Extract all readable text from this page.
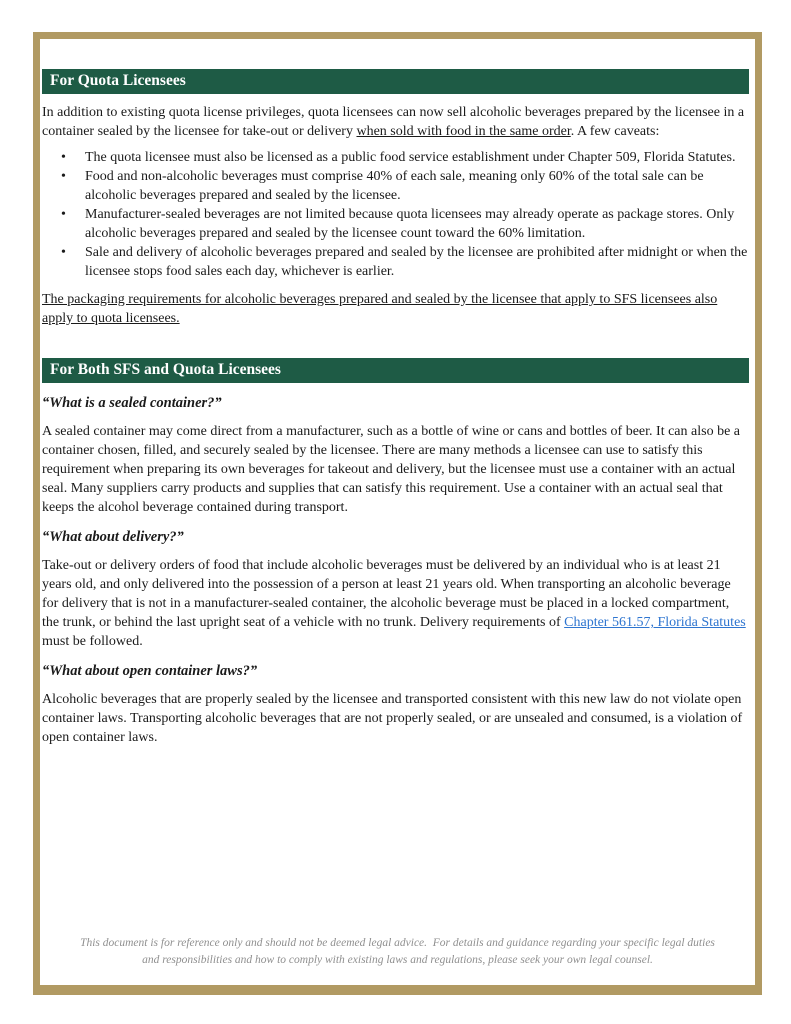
For Quota Licensees

In addition to existing quota license privileges, quota licensees can now sell alcoholic beverages prepared by the licensee in a container sealed by the licensee for take-out or delivery when sold with food in the same order. A few caveats:

• The quota licensee must also be licensed as a public food service establishment under Chapter 509, Florida Statutes.
• Food and non-alcoholic beverages must comprise 40% of each sale, meaning only 60% of the total sale can be alcoholic beverages prepared and sealed by the licensee.
• Manufacturer-sealed beverages are not limited because quota licensees may already operate as package stores. Only alcoholic beverages prepared and sealed by the licensee count toward the 60% limitation.
• Sale and delivery of alcoholic beverages prepared and sealed by the licensee are prohibited after midnight or when the licensee stops food sales each day, whichever is earlier.

The packaging requirements for alcoholic beverages prepared and sealed by the licensee that apply to SFS licensees also apply to quota licensees.

For Both SFS and Quota Licensees

“What is a sealed container?”

A sealed container may come direct from a manufacturer, such as a bottle of wine or cans and bottles of beer. It can also be a container chosen, filled, and securely sealed by the licensee. There are many methods a licensee can use to satisfy this requirement when preparing its own beverages for takeout and delivery, but the licensee must use a container with an actual seal. Many suppliers carry products and supplies that can satisfy this requirement. Use a container with an actual seal that keeps the alcohol beverage contained during transport.

“What about delivery?”

Take-out or delivery orders of food that include alcoholic beverages must be delivered by an individual who is at least 21 years old, and only delivered into the possession of a person at least 21 years old. When transporting an alcoholic beverage for delivery that is not in a manufacturer-sealed container, the alcoholic beverage must be placed in a locked compartment, the trunk, or behind the last upright seat of a vehicle with no trunk. Delivery requirements of Chapter 561.57, Florida Statutes must be followed.

“What about open container laws?”

Alcoholic beverages that are properly sealed by the licensee and transported consistent with this new law do not violate open container laws. Transporting alcoholic beverages that are not properly sealed, or are unsealed and consumed, is a violation of open container laws.

This document is for reference only and should not be deemed legal advice.  For details and guidance regarding your specific legal duties and responsibilities and how to comply with existing laws and regulations, please seek your own legal counsel.
